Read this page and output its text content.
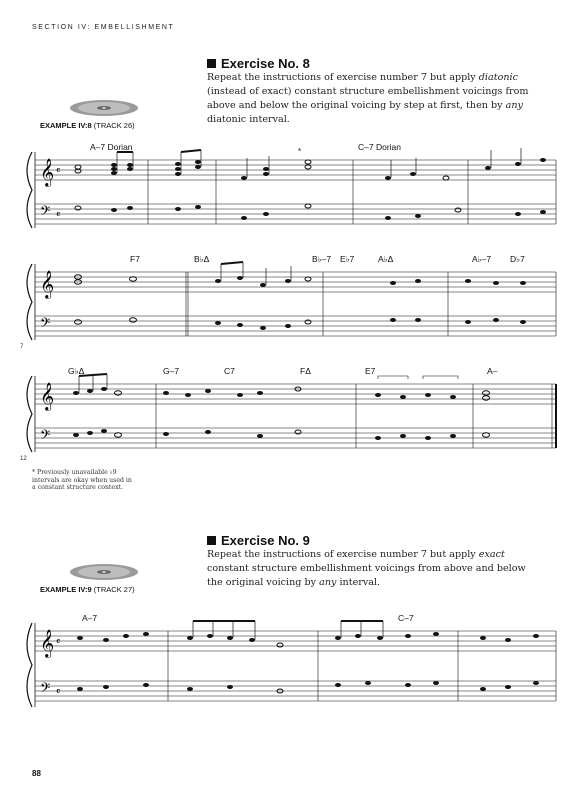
SECTION IV: EMBELLISHMENT
Exercise No. 8
Repeat the instructions of exercise number 7 but apply diatonic (instead of exact) constant structure embellishment voicings from above and below the original voicing by step at first, then by any diatonic interval.
EXAMPLE IV:8 (TRACK 26)
𝄞
𝄢
𝄴
𝄴
*
A–7 Dorian	C–7 Dorian
𝄞
𝄢
F7	B♭Δ	B♭–7 E♭7	A♭Δ	A♭–7 D♭7
7
𝄞
𝄢
G♭Δ	G–7	C7	FΔ	E7	A–
12
* Previously unavailable ♭9 intervals are okay when used in a constant structure context.
Exercise No. 9
Repeat the instructions of exercise number 7 but apply exact constant structure embellishment voicings from above and below the original voicing by any interval.
EXAMPLE IV:9 (TRACK 27)
𝄞
𝄢
𝄴
𝄴
A–7	C–7
88
